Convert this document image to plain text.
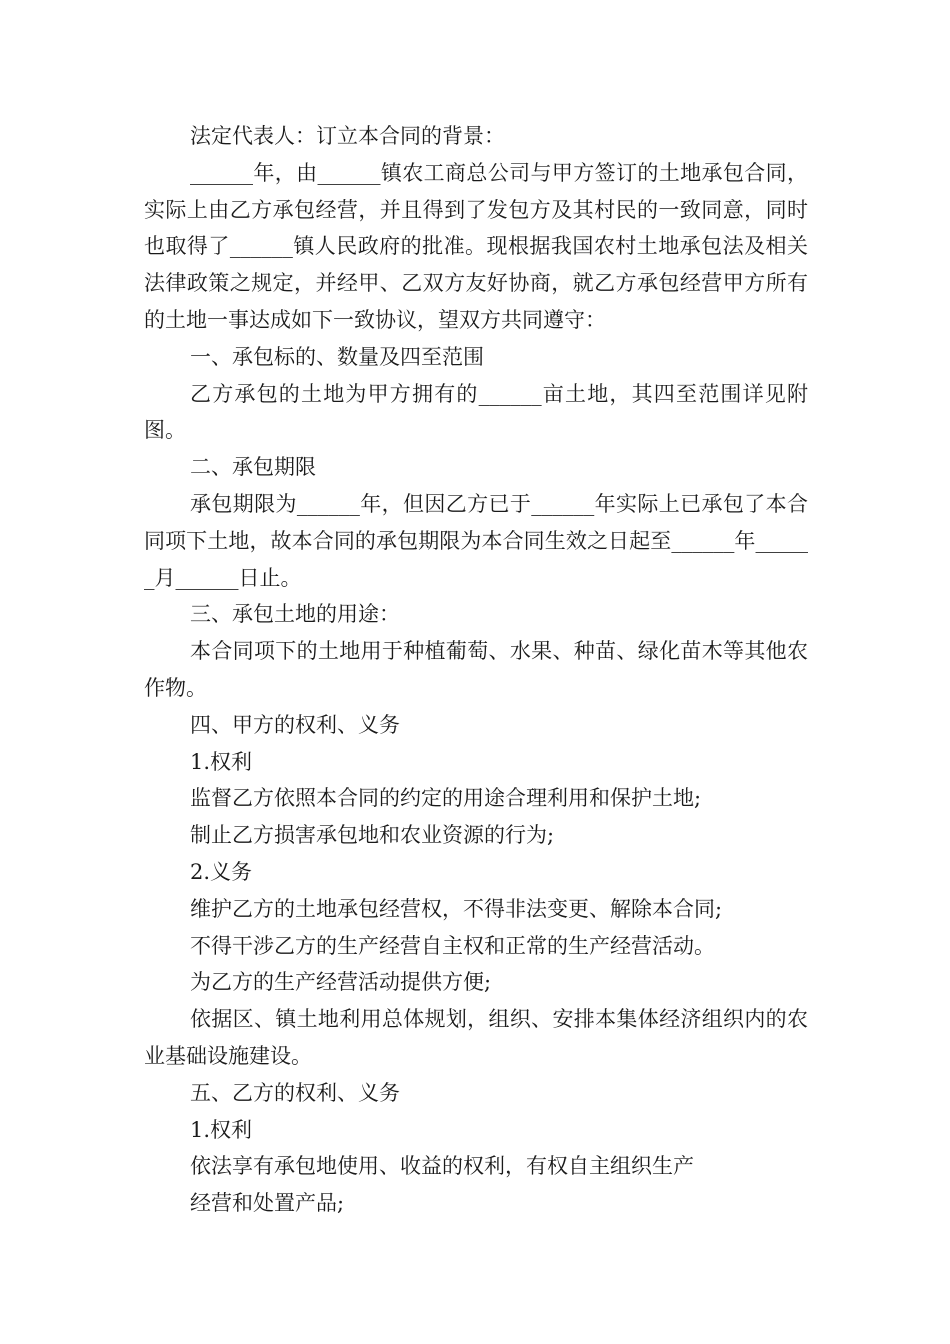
法定代表人：订立本合同的背景：

______年，由______镇农工商总公司与甲方签订的土地承包合同，实际上由乙方承包经营，并且得到了发包方及其村民的一致同意，同时也取得了______镇人民政府的批准。现根据我国农村土地承包法及相关法律政策之规定，并经甲、乙双方友好协商，就乙方承包经营甲方所有的土地一事达成如下一致协议，望双方共同遵守：

一、承包标的、数量及四至范围

乙方承包的土地为甲方拥有的______亩土地，其四至范围详见附图。

二、承包期限

承包期限为______年，但因乙方已于______年实际上已承包了本合同项下土地，故本合同的承包期限为本合同生效之日起至______年______月______日止。

三、承包土地的用途：

本合同项下的土地用于种植葡萄、水果、种苗、绿化苗木等其他农作物。

四、甲方的权利、义务

1.权利

监督乙方依照本合同的约定的用途合理利用和保护土地;

制止乙方损害承包地和农业资源的行为;

2.义务

维护乙方的土地承包经营权，不得非法变更、解除本合同;

不得干涉乙方的生产经营自主权和正常的生产经营活动。

为乙方的生产经营活动提供方便;

依据区、镇土地利用总体规划，组织、安排本集体经济组织内的农业基础设施建设。

五、乙方的权利、义务

1.权利

依法享有承包地使用、收益的权利，有权自主组织生产

经营和处置产品;
